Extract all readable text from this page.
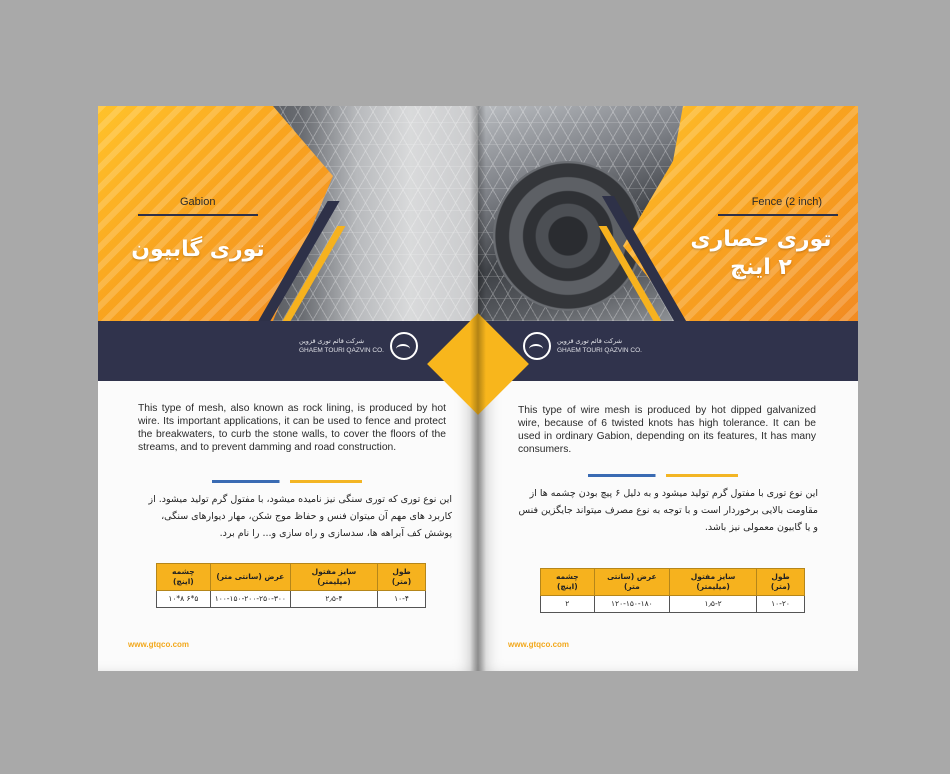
Gabion
توری گابیون
شرکت قائم توری قزوین
GHAEM TOURI QAZVIN CO.
This type of mesh, also known as rock lining, is produced by hot wire. Its important applications, it can be used to fence and protect the breakwaters, to curb the stone walls, to cover the floors of the streams, and to prevent damming and road construction.
این نوع توری که توری سنگی نیز نامیده میشود، با مفتول گرم تولید میشود. از کاربرد های مهم آن میتوان فنس و حفاظ موج شکن، مهار دیوارهای سنگی، پوشش کف آبراهه ها، سدسازی و راه سازی و... را نام برد.
طول (متر)	سایز مفتول (میلیمتر)	عرض (سانتی متر)	چشمه (اینچ)
۱۰-۴	۲٫۵-۴	۱۰۰-۱۵۰-۲۰۰-۲۵۰-۳۰۰	۵*۶ ۸*۱۰
www.gtqco.com
Fence (2 inch)
توری حصاری ۲ اینچ
شرکت قائم توری قزوین
GHAEM TOURI QAZVIN CO.
This type of wire mesh is produced by hot dipped galvanized wire, because of 6 twisted knots has high tolerance. It can be used in ordinary Gabion, depending on its features, It has many consumers.
این نوع توری با مفتول گرم تولید میشود و به دلیل ۶ پیچ بودن چشمه ها از مقاومت بالایی برخوردار است و با توجه به نوع مصرف میتواند جایگزین فنس و یا گابیون معمولی نیز باشد.
طول (متر)	سایز مفتول (میلیمتر)	عرض (سانتی متر)	چشمه (اینچ)
۱۰-۲۰	۱٫۵-۲	۱۲۰-۱۵۰-۱۸۰	۲
www.gtqco.com
